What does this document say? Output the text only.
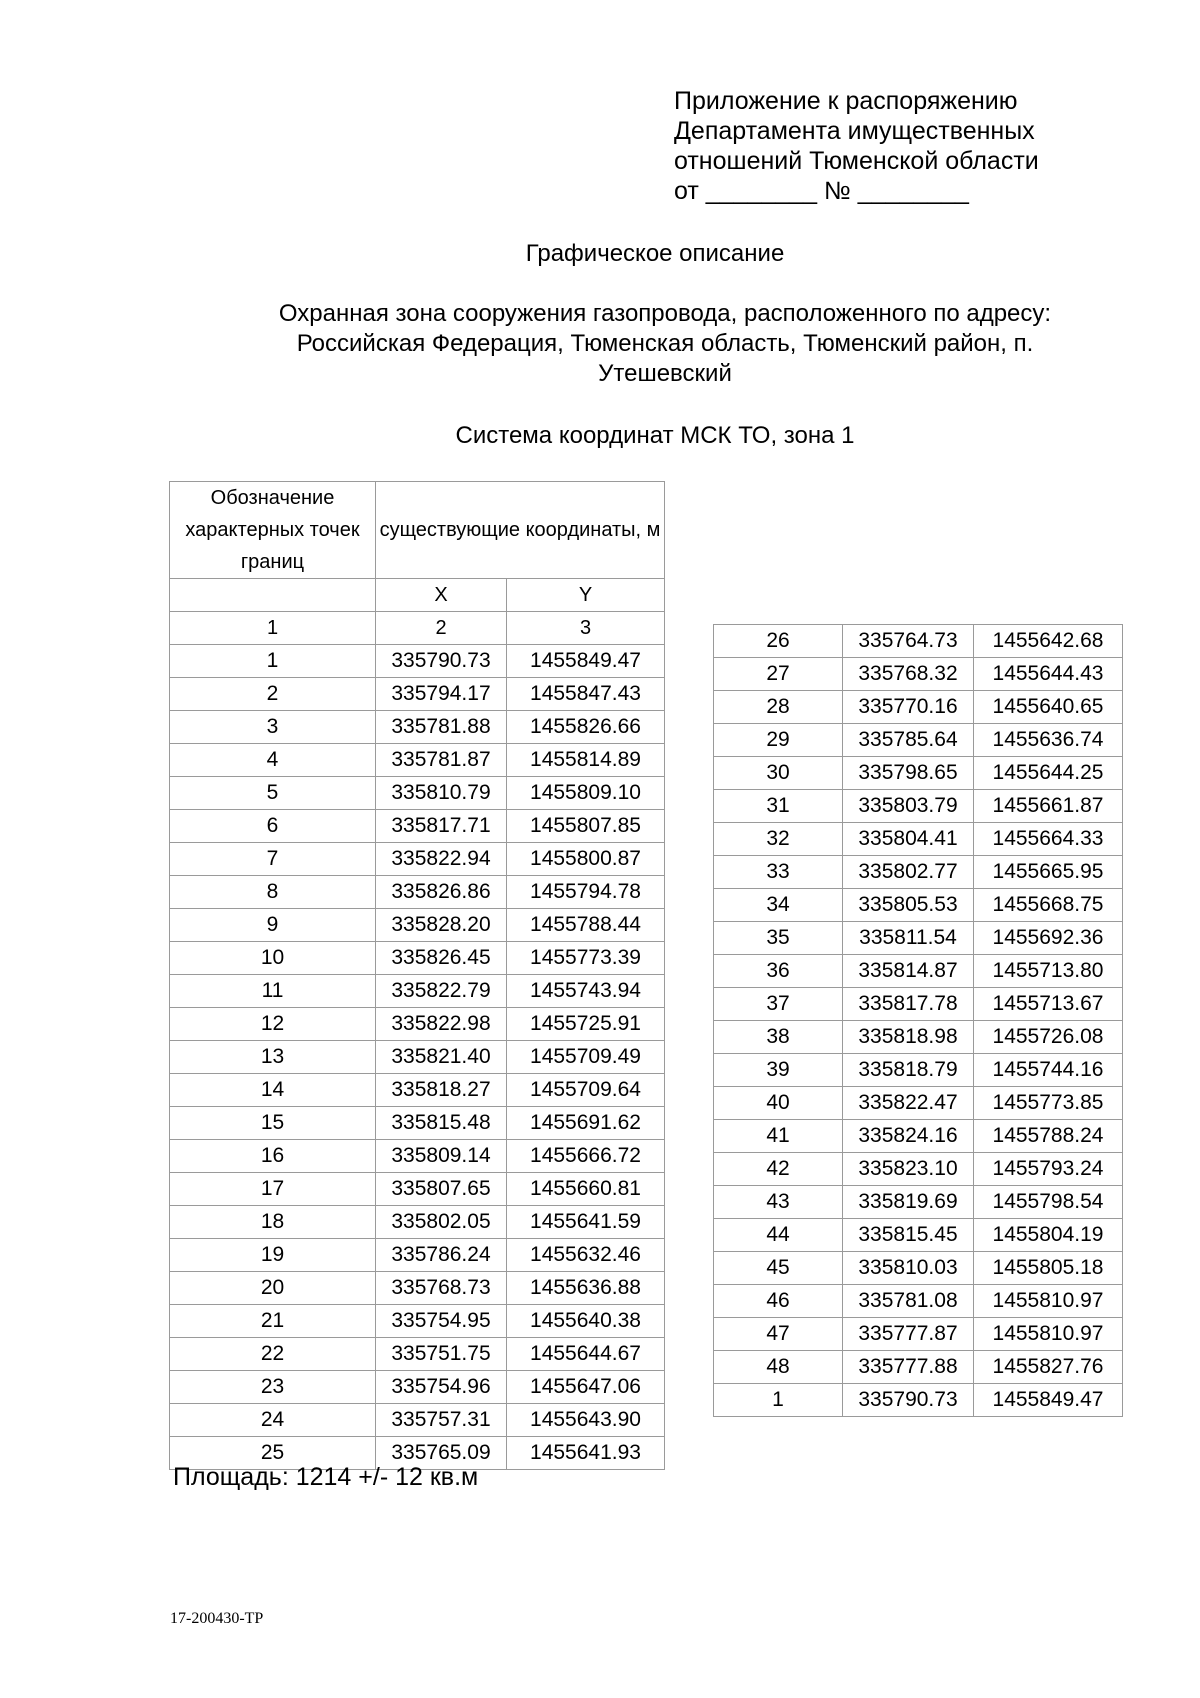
Приложение к распоряжению
Департамента имущественных
отношений Тюменской области
от ________ № ________
Графическое описание
Охранная зона сооружения газопровода, расположенного по адресу:
Российская Федерация, Тюменская область, Тюменский район, п.
Утешевский
Система координат МСК ТО, зона 1
Обозначение характерных точек границ	существующие координаты, м	
	X	Y
1	2	3
1	335790.73	1455849.47
2	335794.17	1455847.43
3	335781.88	1455826.66
4	335781.87	1455814.89
5	335810.79	1455809.10
6	335817.71	1455807.85
7	335822.94	1455800.87
8	335826.86	1455794.78
9	335828.20	1455788.44
10	335826.45	1455773.39
11	335822.79	1455743.94
12	335822.98	1455725.91
13	335821.40	1455709.49
14	335818.27	1455709.64
15	335815.48	1455691.62
16	335809.14	1455666.72
17	335807.65	1455660.81
18	335802.05	1455641.59
19	335786.24	1455632.46
20	335768.73	1455636.88
21	335754.95	1455640.38
22	335751.75	1455644.67
23	335754.96	1455647.06
24	335757.31	1455643.90
25	335765.09	1455641.93
26	335764.73	1455642.68
27	335768.32	1455644.43
28	335770.16	1455640.65
29	335785.64	1455636.74
30	335798.65	1455644.25
31	335803.79	1455661.87
32	335804.41	1455664.33
33	335802.77	1455665.95
34	335805.53	1455668.75
35	335811.54	1455692.36
36	335814.87	1455713.80
37	335817.78	1455713.67
38	335818.98	1455726.08
39	335818.79	1455744.16
40	335822.47	1455773.85
41	335824.16	1455788.24
42	335823.10	1455793.24
43	335819.69	1455798.54
44	335815.45	1455804.19
45	335810.03	1455805.18
46	335781.08	1455810.97
47	335777.87	1455810.97
48	335777.88	1455827.76
1	335790.73	1455849.47
Площадь: 1214 +/- 12 кв.м
17-200430-ТР
